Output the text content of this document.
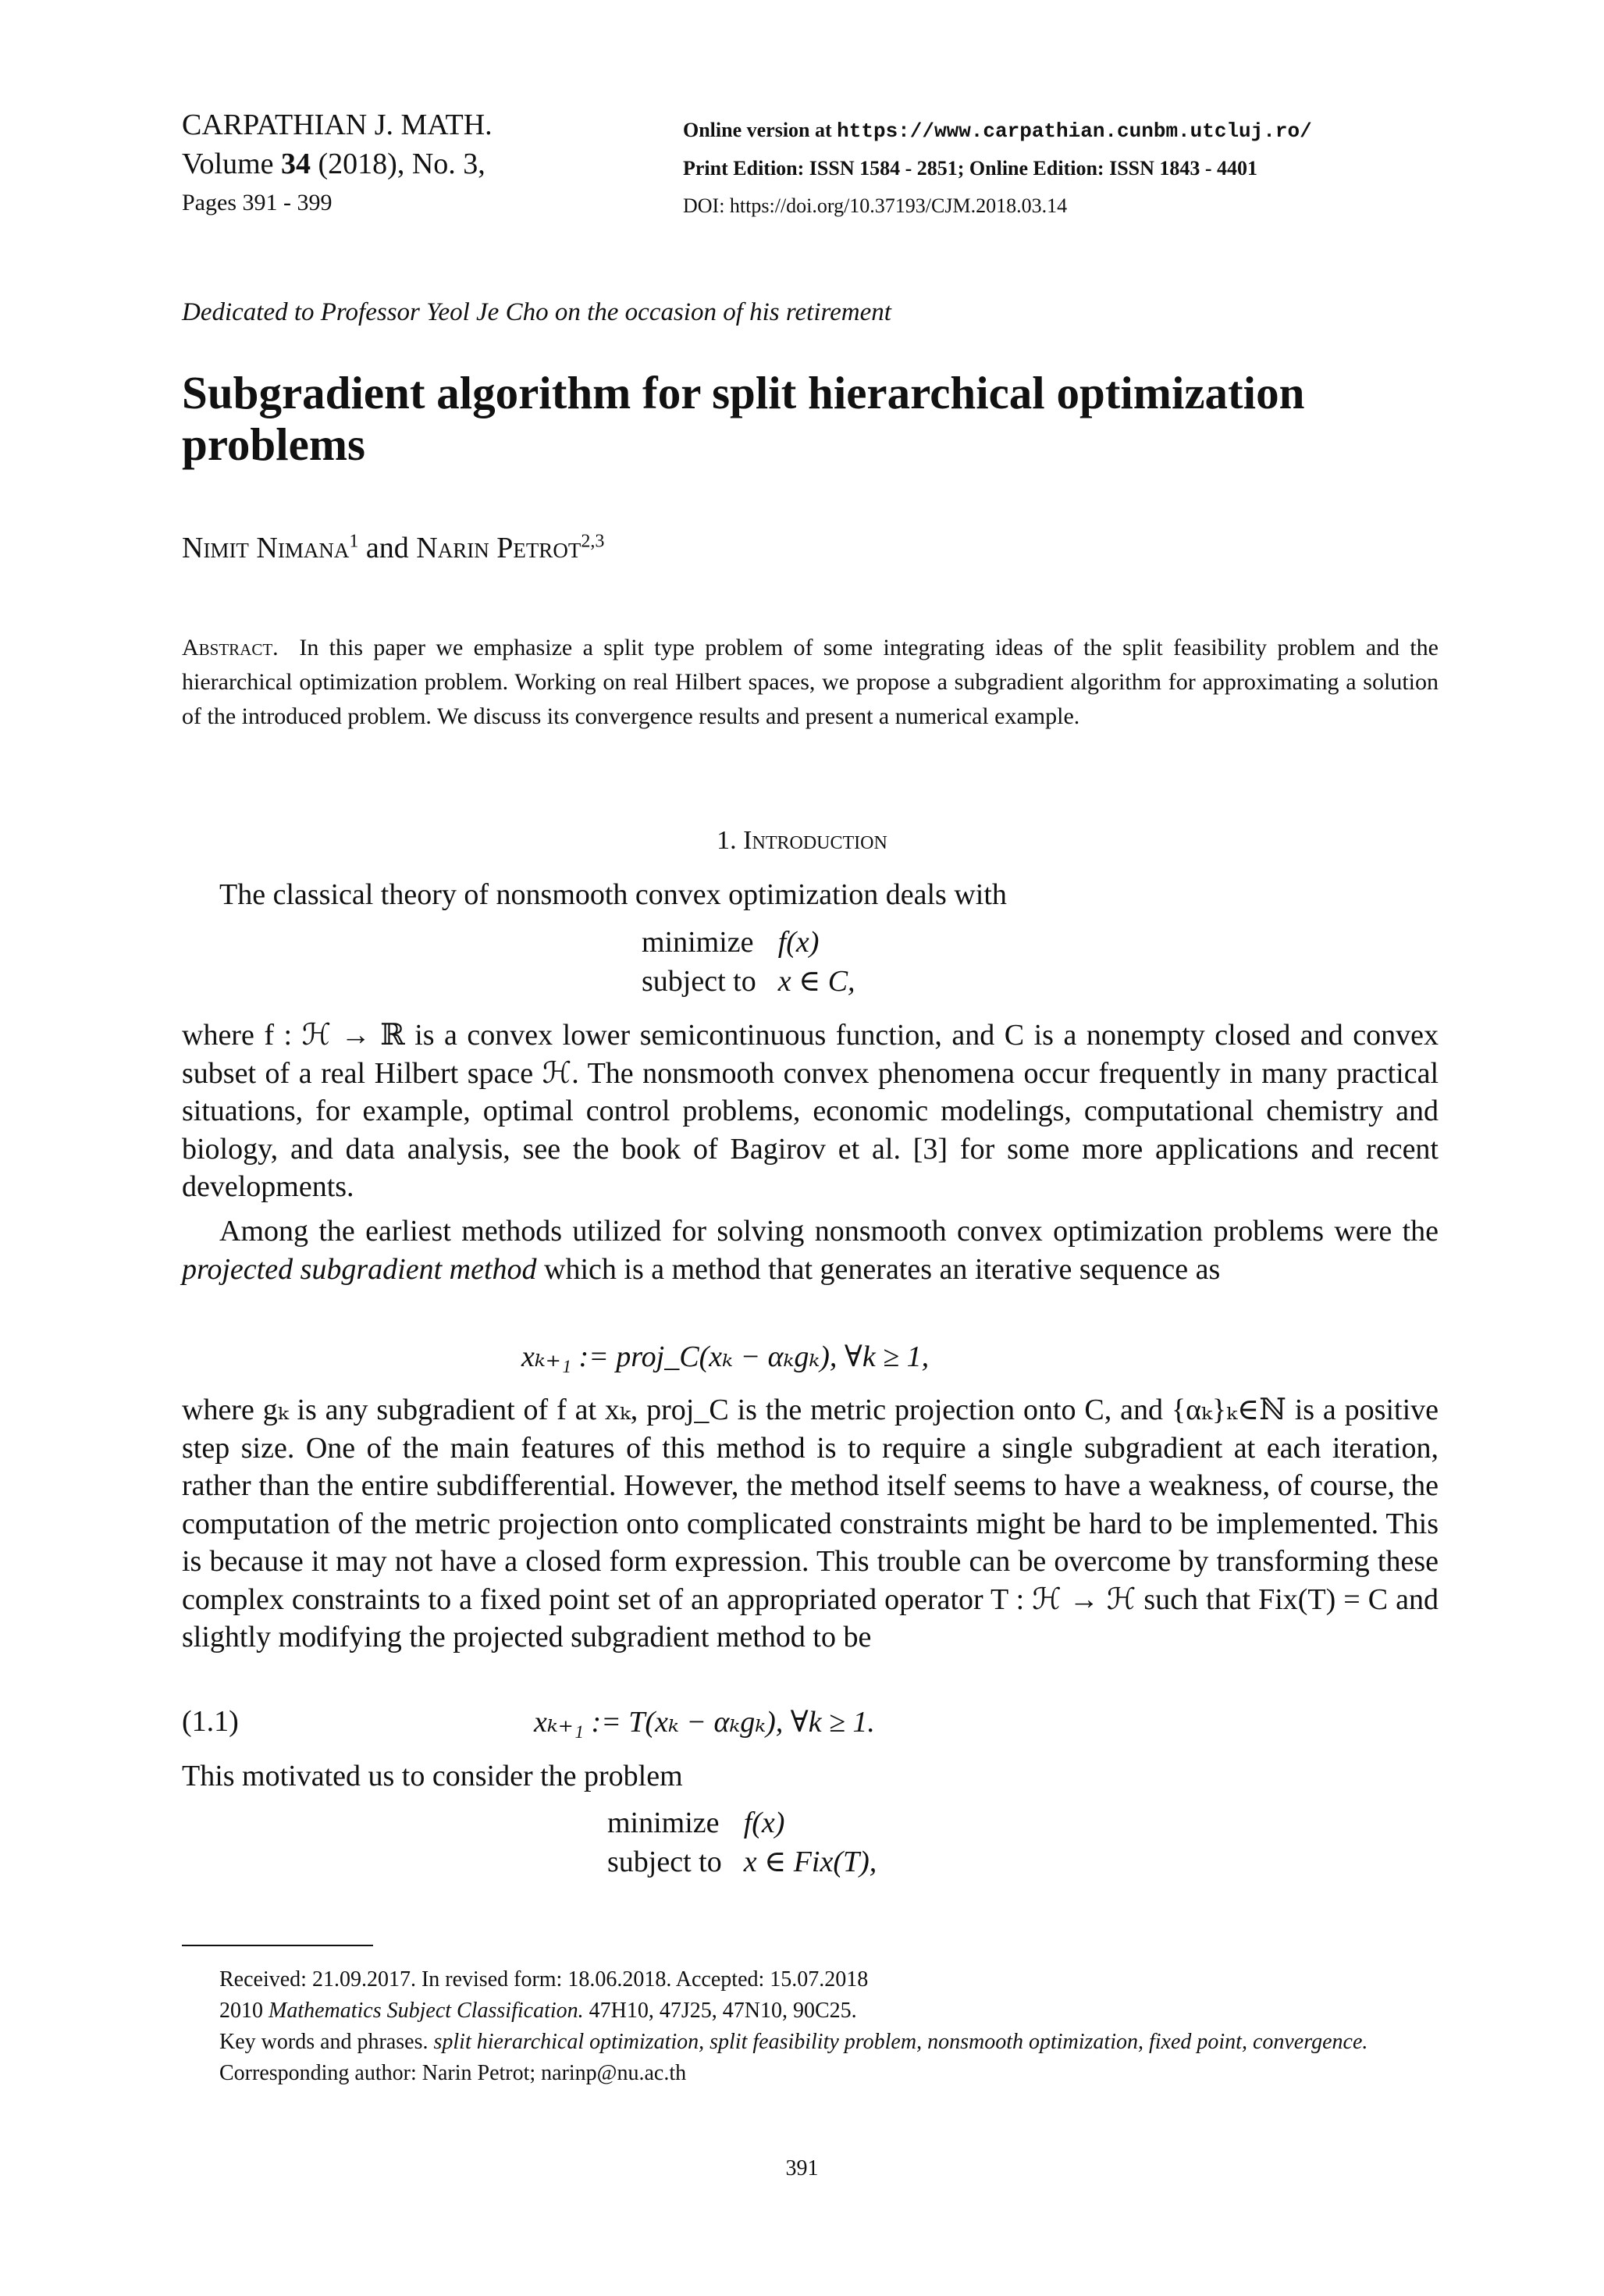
CARPATHIAN J. MATH.
Volume 34 (2018), No. 3,
Pages 391 - 399
Online version at https://www.carpathian.cunbm.utcluj.ro/
Print Edition: ISSN 1584 - 2851; Online Edition: ISSN 1843 - 4401
DOI: https://doi.org/10.37193/CJM.2018.03.14
Dedicated to Professor Yeol Je Cho on the occasion of his retirement
Subgradient algorithm for split hierarchical optimization
problems
Nimit Nimana$^1$ and Narin Petrot$^{2,3}$
Abstract. In this paper we emphasize a split type problem of some integrating ideas of the split feasibility problem and the hierarchical optimization problem. Working on real Hilbert spaces, we propose a subgradient algorithm for approximating a solution of the introduced problem. We discuss its convergence results and present a numerical example.
1. Introduction
The classical theory of nonsmooth convex optimization deals with
minimize	f(x)
subject to	x ∈ C,
where f : ℋ → ℝ is a convex lower semicontinuous function, and C is a nonempty closed and convex subset of a real Hilbert space ℋ. The nonsmooth convex phenomena occur frequently in many practical situations, for example, optimal control problems, economic modelings, computational chemistry and biology, and data analysis, see the book of Bagirov et al. [3] for some more applications and recent developments.
Among the earliest methods utilized for solving nonsmooth convex optimization problems were the projected subgradient method which is a method that generates an iterative sequence as
xₖ₊₁ := proj_C(xₖ − αₖgₖ), ∀k ≥ 1,
where gₖ is any subgradient of f at xₖ, proj_C is the metric projection onto C, and {αₖ}ₖ∈ℕ is a positive step size. One of the main features of this method is to require a single subgradient at each iteration, rather than the entire subdifferential. However, the method itself seems to have a weakness, of course, the computation of the metric projection onto complicated constraints might be hard to be implemented. This is because it may not have a closed form expression. This trouble can be overcome by transforming these complex constraints to a fixed point set of an appropriated operator T : ℋ → ℋ such that Fix(T) = C and slightly modifying the projected subgradient method to be
(1.1)	xₖ₊₁ := T(xₖ − αₖgₖ), ∀k ≥ 1.
This motivated us to consider the problem
minimize	f(x)
subject to	x ∈ Fix(T),
Received: 21.09.2017. In revised form: 18.06.2018. Accepted: 15.07.2018
2010 Mathematics Subject Classification. 47H10, 47J25, 47N10, 90C25.
Key words and phrases. split hierarchical optimization, split feasibility problem, nonsmooth optimization, fixed point, convergence.
Corresponding author: Narin Petrot; narinp@nu.ac.th
391
